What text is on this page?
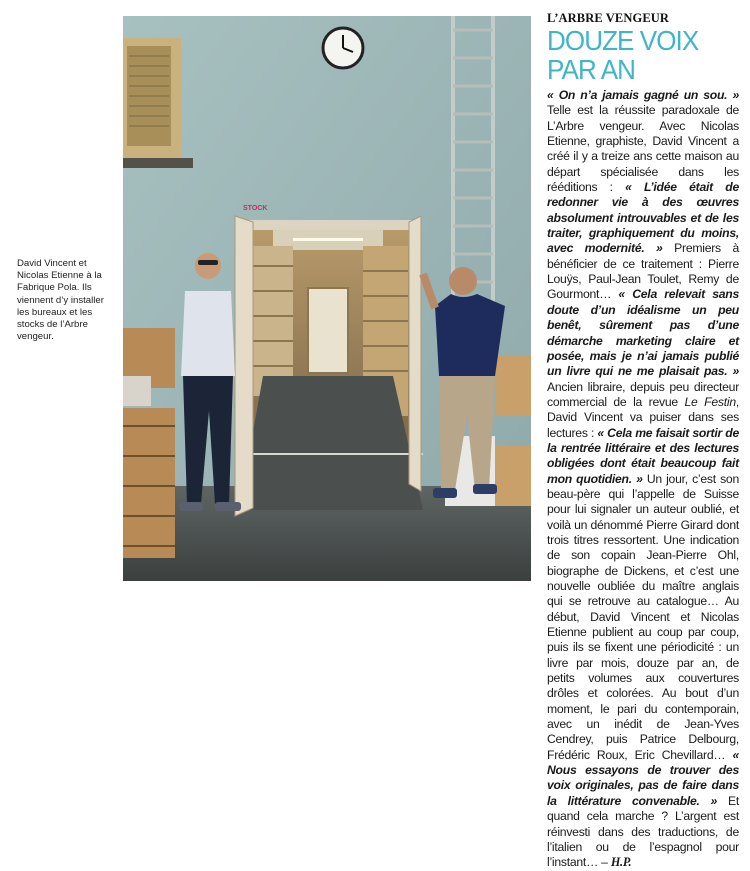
David Vincent et Nicolas Etienne à la Fabrique Pola. Ils viennent d’y installer les bureaux et les stocks de l’Arbre vengeur.

STOCK

L’ARBRE VENGEUR

DOUZE VOIX
PAR AN

« On n’a jamais gagné un sou. » Telle est la réussite paradoxale de L’Arbre vengeur. Avec Nicolas Etienne, graphiste, David Vincent a créé il y a treize ans cette maison au départ spécialisée dans les rééditions : « L’idée était de redonner vie à des œuvres absolument introuvables et de les traiter, graphiquement du moins, avec modernité. » Premiers à bénéficier de ce traitement : Pierre Louÿs, Paul-Jean Toulet, Remy de Gourmont… « Cela relevait sans doute d’un idéalisme un peu benêt, sûrement pas d’une démarche marketing claire et posée, mais je n’ai jamais publié un livre qui ne me plaisait pas. » Ancien libraire, depuis peu directeur commercial de la revue Le Festin, David Vincent va puiser dans ses lectures : « Cela me faisait sortir de la rentrée littéraire et des lectures obligées dont était beaucoup fait mon quotidien. » Un jour, c’est son beau-père qui l’appelle de Suisse pour lui signaler un auteur oublié, et voilà un dénommé Pierre Girard dont trois titres ressortent. Une indication de son copain Jean-Pierre Ohl, biographe de Dickens, et c’est une nouvelle oubliée du maître anglais qui se retrouve au catalogue… Au début, David Vincent et Nicolas Etienne publient au coup par coup, puis ils se fixent une périodicité : un livre par mois, douze par an, de petits volumes aux couvertures drôles et colorées. Au bout d’un moment, le pari du contemporain, avec un inédit de Jean-Yves Cendrey, puis Patrice Delbourg, Frédéric Roux, Eric Chevillard… « Nous essayons de trouver des voix originales, pas de faire dans la littérature convenable. » Et quand cela marche ? L’argent est réinvesti dans des traductions, de l’italien ou de l’espagnol pour l’instant… – H.P.
